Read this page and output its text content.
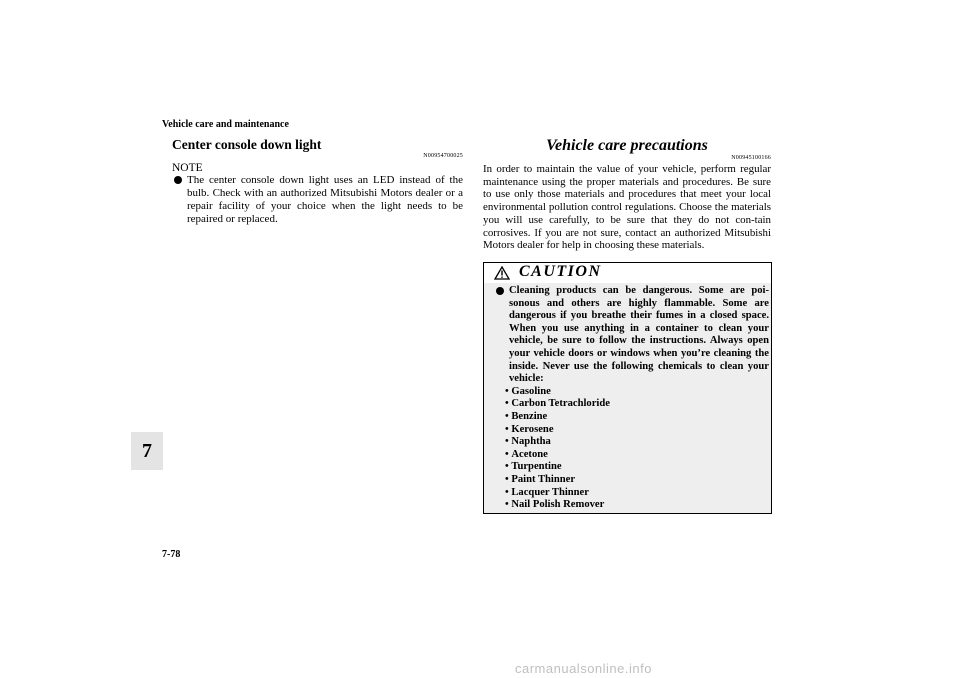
Vehicle care and maintenance
7
7-78
Center console down light
N00954700025
NOTE
The center console down light uses an LED instead of the bulb. Check with an authorized Mitsubishi Motors dealer or a repair facility of your choice when the light needs to be repaired or replaced.
Vehicle care precautions
N00945100166
In order to maintain the value of your vehicle, perform regular maintenance using the proper materials and procedures. Be sure to use only those materials and procedures that meet your local environmental pollution control regulations. Choose the materials you will use carefully, to be sure that they do not con-tain corrosives. If you are not sure, contact an authorized Mitsubishi Motors dealer for help in choosing these materials.
CAUTION
Cleaning products can be dangerous. Some are poi-sonous and others are highly flammable. Some are dangerous if you breathe their fumes in a closed space. When you use anything in a container to clean your vehicle, be sure to follow the instructions. Always open your vehicle doors or windows when you’re cleaning the inside. Never use the following chemicals to clean your vehicle:
• Gasoline
• Carbon Tetrachloride
• Benzine
• Kerosene
• Naphtha
• Acetone
• Turpentine
• Paint Thinner
• Lacquer Thinner
• Nail Polish Remover
carmanualsonline.info
